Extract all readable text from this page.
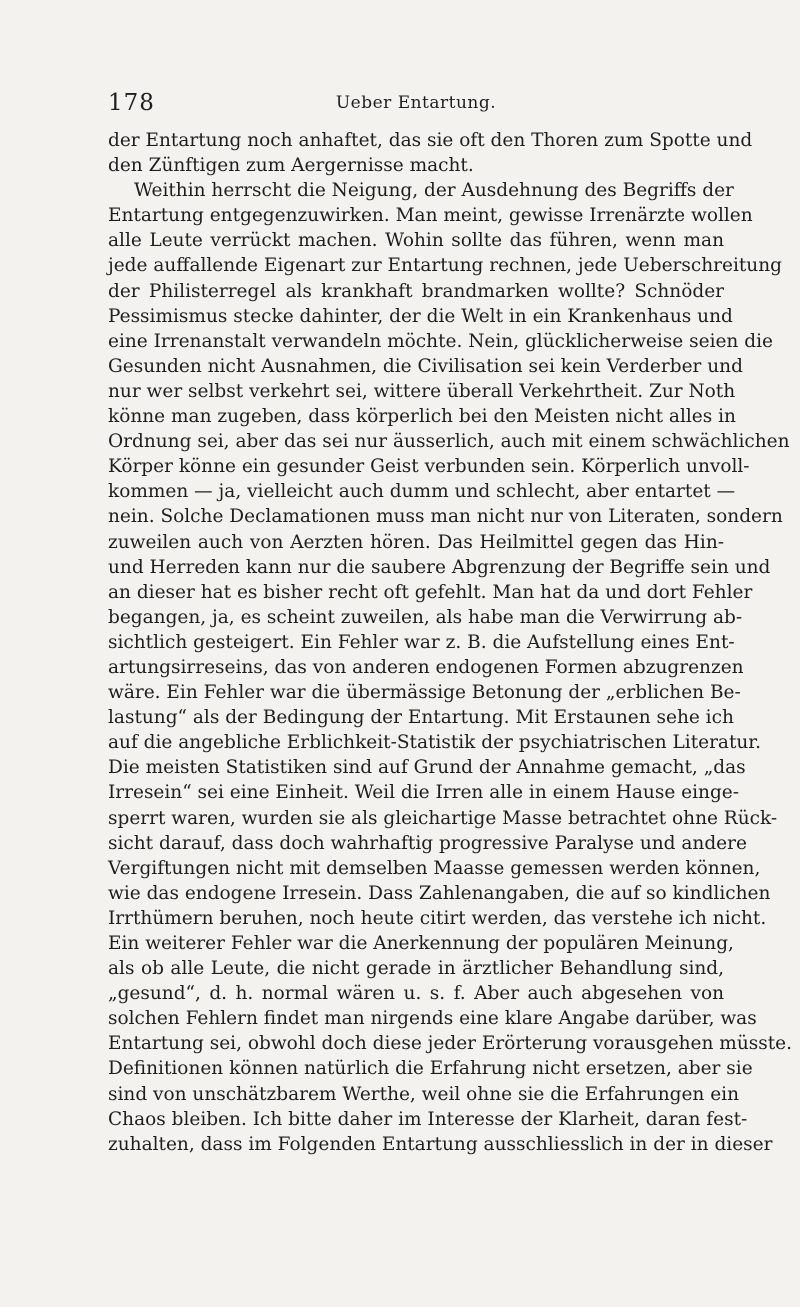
178	Ueber Entartung.
der Entartung noch anhaftet, das sie oft den Thoren zum Spotte und
den Zünftigen zum Aergernisse macht.
Weithin herrscht die Neigung, der Ausdehnung des Begriffs der
Entartung entgegenzuwirken. Man meint, gewisse Irrenärzte wollen
alle Leute verrückt machen. Wohin sollte das führen, wenn man
jede auffallende Eigenart zur Entartung rechnen, jede Ueberschreitung
der Philisterregel als krankhaft brandmarken wollte? Schnöder
Pessimismus stecke dahinter, der die Welt in ein Krankenhaus und
eine Irrenanstalt verwandeln möchte. Nein, glücklicherweise seien die
Gesunden nicht Ausnahmen, die Civilisation sei kein Verderber und
nur wer selbst verkehrt sei, wittere überall Verkehrtheit. Zur Noth
könne man zugeben, dass körperlich bei den Meisten nicht alles in
Ordnung sei, aber das sei nur äusserlich, auch mit einem schwächlichen
Körper könne ein gesunder Geist verbunden sein. Körperlich unvoll-
kommen — ja, vielleicht auch dumm und schlecht, aber entartet —
nein. Solche Declamationen muss man nicht nur von Literaten, sondern
zuweilen auch von Aerzten hören. Das Heilmittel gegen das Hin-
und Herreden kann nur die saubere Abgrenzung der Begriffe sein und
an dieser hat es bisher recht oft gefehlt. Man hat da und dort Fehler
begangen, ja, es scheint zuweilen, als habe man die Verwirrung ab-
sichtlich gesteigert. Ein Fehler war z. B. die Aufstellung eines Ent-
artungsirreseins, das von anderen endogenen Formen abzugrenzen
wäre. Ein Fehler war die übermässige Betonung der „erblichen Be-
lastung“ als der Bedingung der Entartung. Mit Erstaunen sehe ich
auf die angebliche Erblichkeit-Statistik der psychiatrischen Literatur.
Die meisten Statistiken sind auf Grund der Annahme gemacht, „das
Irresein“ sei eine Einheit. Weil die Irren alle in einem Hause einge-
sperrt waren, wurden sie als gleichartige Masse betrachtet ohne Rück-
sicht darauf, dass doch wahrhaftig progressive Paralyse und andere
Vergiftungen nicht mit demselben Maasse gemessen werden können,
wie das endogene Irresein. Dass Zahlenangaben, die auf so kindlichen
Irrthümern beruhen, noch heute citirt werden, das verstehe ich nicht.
Ein weiterer Fehler war die Anerkennung der populären Meinung,
als ob alle Leute, die nicht gerade in ärztlicher Behandlung sind,
„gesund“, d. h. normal wären u. s. f. Aber auch abgesehen von
solchen Fehlern findet man nirgends eine klare Angabe darüber, was
Entartung sei, obwohl doch diese jeder Erörterung vorausgehen müsste.
Definitionen können natürlich die Erfahrung nicht ersetzen, aber sie
sind von unschätzbarem Werthe, weil ohne sie die Erfahrungen ein
Chaos bleiben. Ich bitte daher im Interesse der Klarheit, daran fest-
zuhalten, dass im Folgenden Entartung ausschliesslich in der in dieser
